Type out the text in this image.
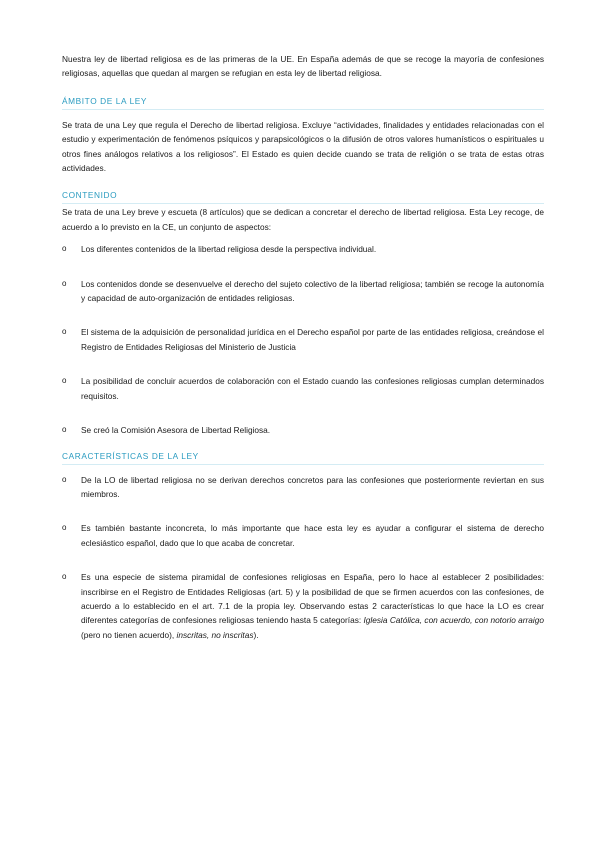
Nuestra ley de libertad religiosa es de las primeras de la UE. En España además de que se recoge la mayoría de confesiones religiosas, aquellas que quedan al margen se refugian en esta ley de libertad religiosa.

ÁMBITO DE LA LEY

Se trata de una Ley que regula el Derecho de libertad religiosa. Excluye “actividades, finalidades y entidades relacionadas con el estudio y experimentación de fenómenos psíquicos y parapsicológicos o la difusión de otros valores humanísticos o espirituales u otros fines análogos relativos a los religiosos”. El Estado es quien decide cuando se trata de religión o se trata de estas otras actividades.

CONTENIDO

Se trata de una Ley breve y escueta (8 artículos) que se dedican a concretar el derecho de libertad religiosa. Esta Ley recoge, de acuerdo a lo previsto en la CE, un conjunto de aspectos:

o Los diferentes contenidos de la libertad religiosa desde la perspectiva individual.
o Los contenidos donde se desenvuelve el derecho del sujeto colectivo de la libertad religiosa; también se recoge la autonomía y capacidad de auto-organización de entidades religiosas.
o El sistema de la adquisición de personalidad jurídica en el Derecho español por parte de las entidades religiosa, creándose el Registro de Entidades Religiosas del Ministerio de Justicia
o La posibilidad de concluir acuerdos de colaboración con el Estado cuando las confesiones religiosas cumplan determinados requisitos.
o Se creó la Comisión Asesora de Libertad Religiosa.
CARACTERÍSTICAS DE LA LEY
o De la LO de libertad religiosa no se derivan derechos concretos para las confesiones que posteriormente reviertan en sus miembros.
o Es también bastante inconcreta, lo más importante que hace esta ley es ayudar a configurar el sistema de derecho eclesiástico español, dado que lo que acaba de concretar.
o Es una especie de sistema piramidal de confesiones religiosas en España, pero lo hace al establecer 2 posibilidades: inscribirse en el Registro de Entidades Religiosas (art. 5) y la posibilidad de que se firmen acuerdos con las confesiones, de acuerdo a lo establecido en el art. 7.1 de la propia ley. Observando estas 2 características lo que hace la LO es crear diferentes categorías de confesiones religiosas teniendo hasta 5 categorías: Iglesia Católica, con acuerdo, con notorio arraigo (pero no tienen acuerdo), inscritas, no inscritas).
